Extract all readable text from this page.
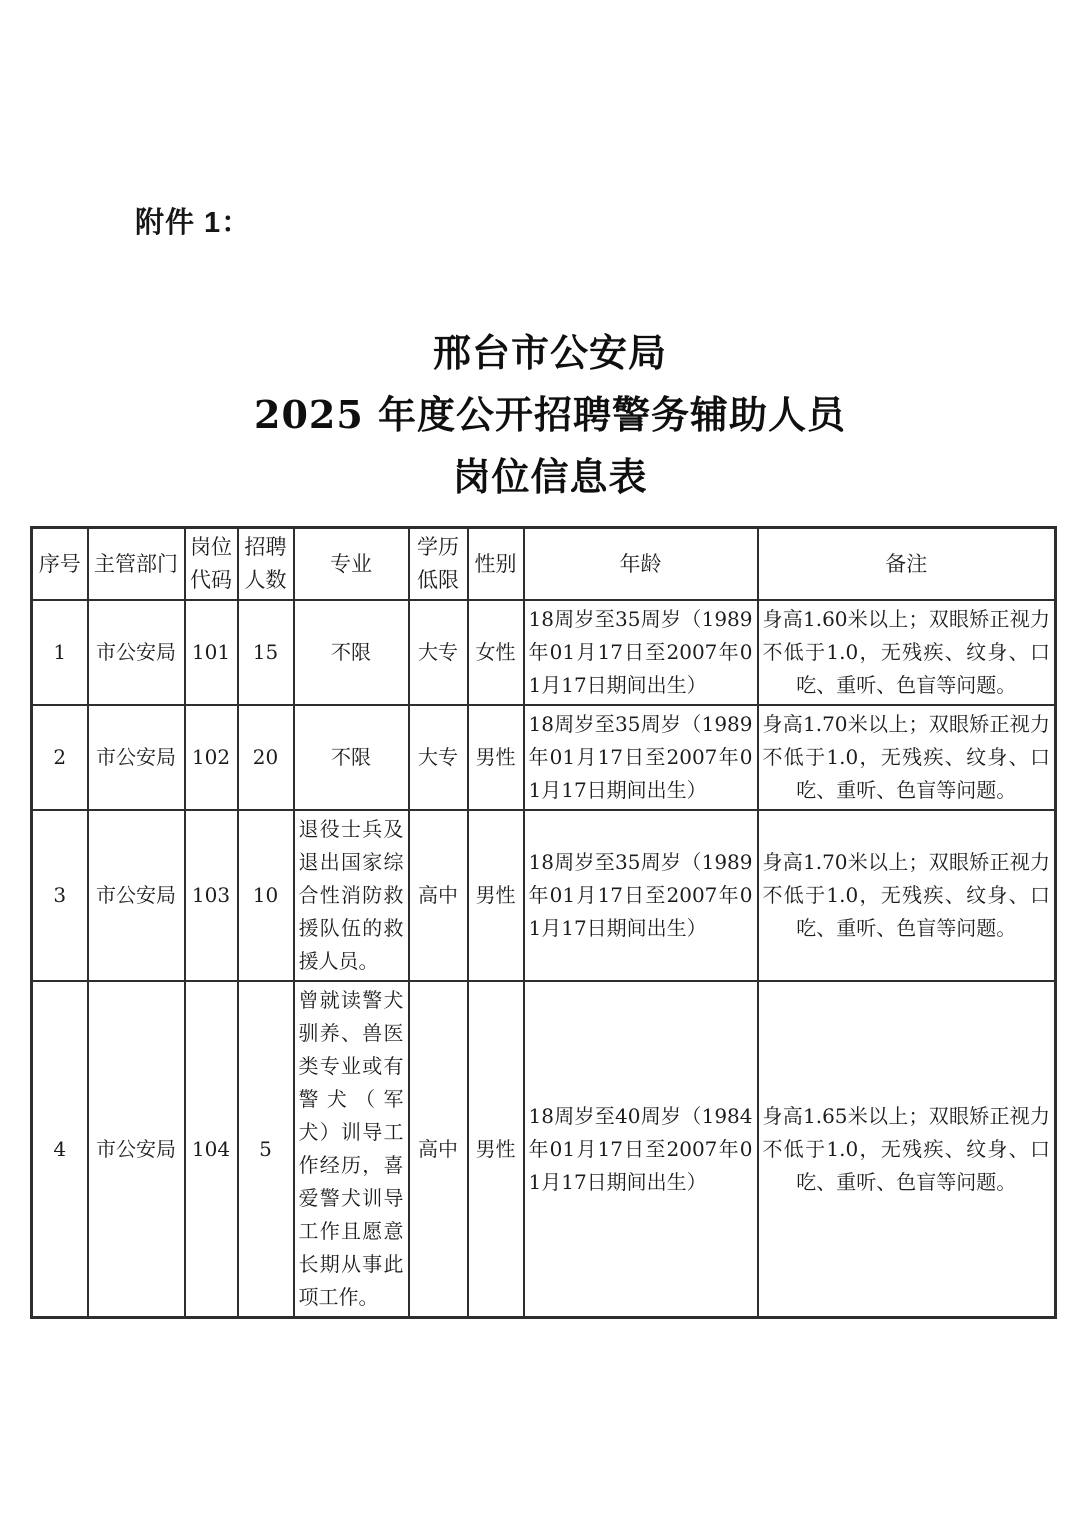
附件 1：
邢台市公安局
2025 年度公开招聘警务辅助人员
岗位信息表
序号	主管部门	岗位代码	招聘人数	专业	学历低限	性别	年龄	备注
1	市公安局	101	15	不限	大专	女性	18周岁至35周岁（1989年01月17日至2007年01月17日期间出生）	身高1.60米以上；双眼矫正视力不低于1.0，无残疾、纹身、口吃、重听、色盲等问题。
2	市公安局	102	20	不限	大专	男性	18周岁至35周岁（1989年01月17日至2007年01月17日期间出生）	身高1.70米以上；双眼矫正视力不低于1.0，无残疾、纹身、口吃、重听、色盲等问题。
3	市公安局	103	10	退役士兵及退出国家综合性消防救援队伍的救援人员。	高中	男性	18周岁至35周岁（1989年01月17日至2007年01月17日期间出生）	身高1.70米以上；双眼矫正视力不低于1.0，无残疾、纹身、口吃、重听、色盲等问题。
4	市公安局	104	5	曾就读警犬驯养、兽医类专业或有警犬（军犬）训导工作经历，喜爱警犬训导工作且愿意长期从事此项工作。	高中	男性	18周岁至40周岁（1984年01月17日至2007年01月17日期间出生）	身高1.65米以上；双眼矫正视力不低于1.0，无残疾、纹身、口吃、重听、色盲等问题。
